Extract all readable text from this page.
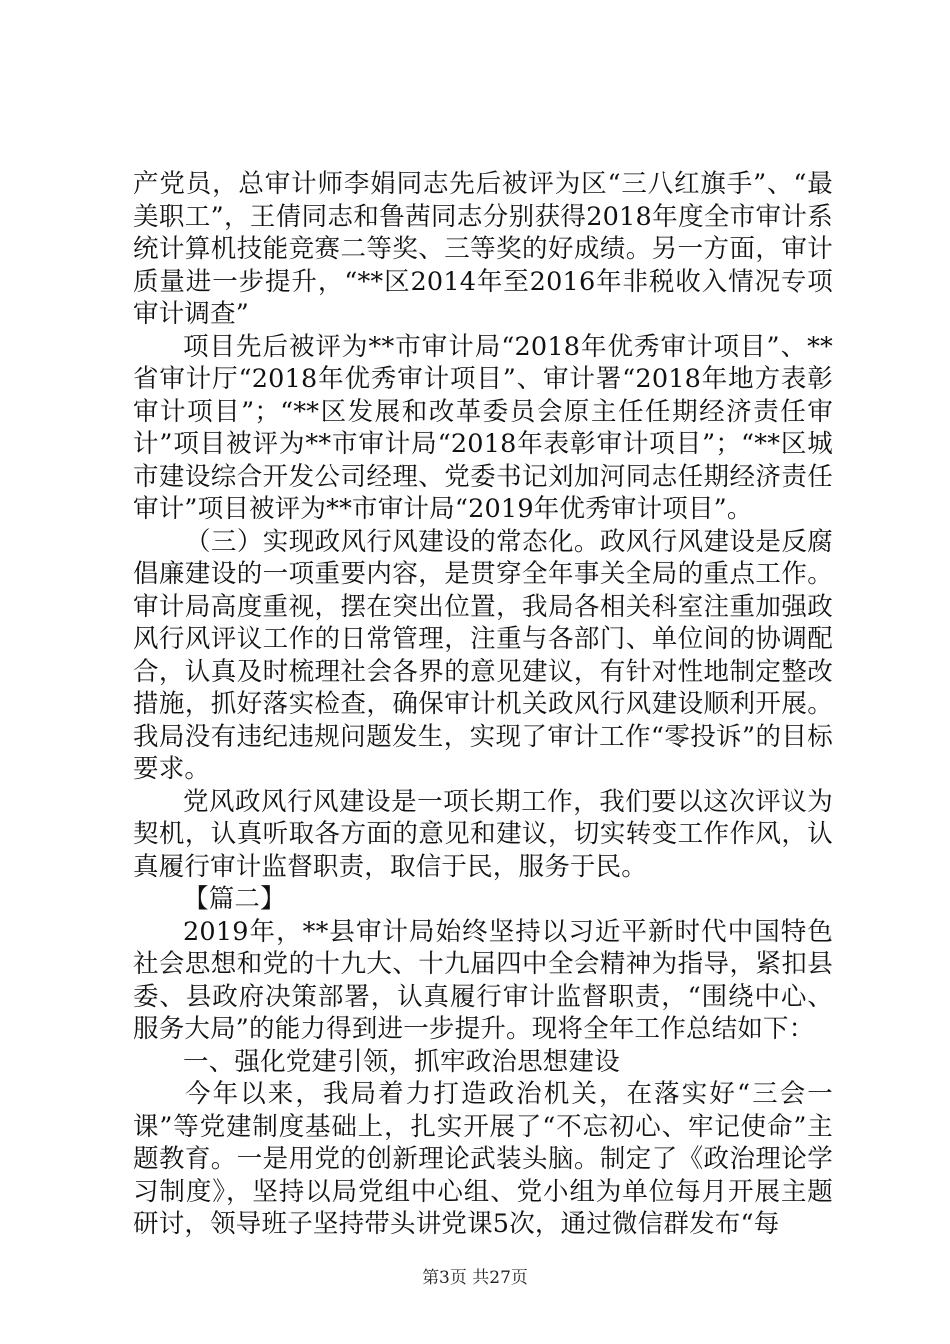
产党员，总审计师李娟同志先后被评为区“三八红旗手”、“最美职工”，王倩同志和鲁茜同志分别获得2018年度全市审计系统计算机技能竞赛二等奖、三等奖的好成绩。另一方面，审计质量进一步提升，“**区2014年至2016年非税收入情况专项审计调查”

项目先后被评为**市审计局“2018年优秀审计项目”、**省审计厅“2018年优秀审计项目”、审计署“2018年地方表彰审计项目”；“**区发展和改革委员会原主任任期经济责任审计”项目被评为**市审计局“2018年表彰审计项目”；“**区城市建设综合开发公司经理、党委书记刘加河同志任期经济责任审计”项目被评为**市审计局“2019年优秀审计项目”。

（三）实现政风行风建设的常态化。政风行风建设是反腐倡廉建设的一项重要内容，是贯穿全年事关全局的重点工作。审计局高度重视，摆在突出位置，我局各相关科室注重加强政风行风评议工作的日常管理，注重与各部门、单位间的协调配合，认真及时梳理社会各界的意见建议，有针对性地制定整改措施，抓好落实检查，确保审计机关政风行风建设顺利开展。我局没有违纪违规问题发生，实现了审计工作“零投诉”的目标要求。

党风政风行风建设是一项长期工作，我们要以这次评议为契机，认真听取各方面的意见和建议，切实转变工作作风，认真履行审计监督职责，取信于民，服务于民。

【篇二】

2019年，**县审计局始终坚持以习近平新时代中国特色社会思想和党的十九大、十九届四中全会精神为指导，紧扣县委、县政府决策部署，认真履行审计监督职责，“围绕中心、服务大局”的能力得到进一步提升。现将全年工作总结如下：

一、强化党建引领，抓牢政治思想建设

今年以来，我局着力打造政治机关，在落实好“三会一课”等党建制度基础上，扎实开展了“不忘初心、牢记使命”主题教育。一是用党的创新理论武装头脑。制定了《政治理论学习制度》，坚持以局党组中心组、党小组为单位每月开展主题研讨，领导班子坚持带头讲党课5次，通过微信群发布“每

第3页 共27页
